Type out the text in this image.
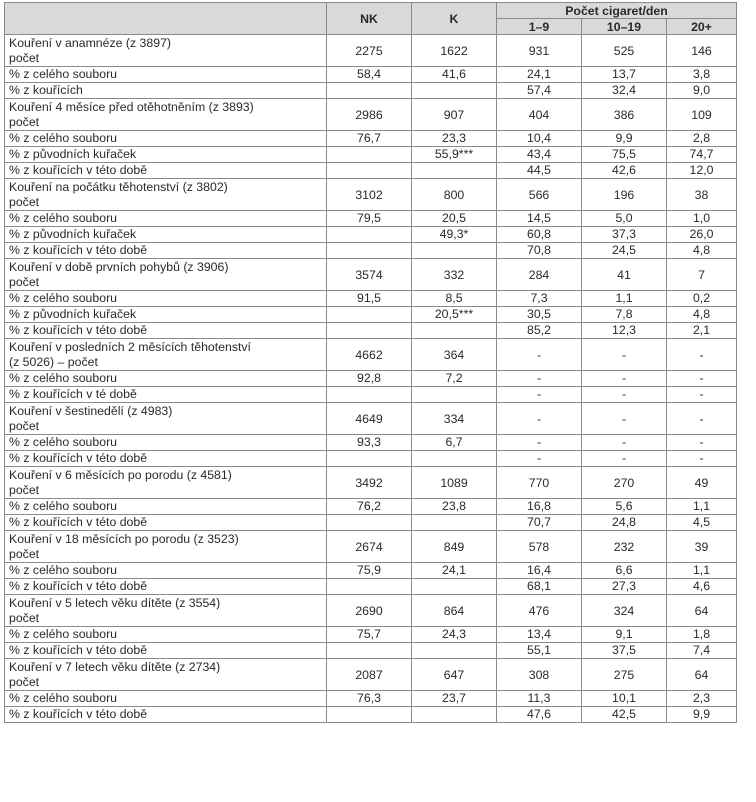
	NK	K	Počet cigaret/den		
			1–9	10–19	20+
Kouření v anamnéze (z 3897)
počet	2275	1622	931	525	146
% z celého souboru	58,4	41,6	24,1	13,7	3,8
% z kouřících			57,4	32,4	9,0
Kouření 4 měsíce před otěhotněním (z 3893)
počet	2986	907	404	386	109
% z celého souboru	76,7	23,3	10,4	9,9	2,8
% z původních kuřaček		55,9***	43,4	75,5	74,7
% z kouřících v této době			44,5	42,6	12,0
Kouření na počátku těhotenství (z 3802)
počet	3102	800	566	196	38
% z celého souboru	79,5	20,5	14,5	5,0	1,0
% z původních kuřaček		49,3*	60,8	37,3	26,0
% z kouřících v této době			70,8	24,5	4,8
Kouření v době prvních pohybů (z 3906)
počet	3574	332	284	41	7
% z celého souboru	91,5	8,5	7,3	1,1	0,2
% z původních kuřaček		20,5***	30,5	7,8	4,8
% z kouřících v této době			85,2	12,3	2,1
Kouření v posledních 2 měsících těhotenství
(z 5026) – počet	4662	364	-	-	-
% z celého souboru	92,8	7,2	-	-	-
% z kouřících v té době			-	-	-
Kouření v šestinedělí (z 4983)
počet	4649	334	-	-	-
% z celého souboru	93,3	6,7	-	-	-
% z kouřících v této době			-	-	-
Kouření v 6 měsících po porodu (z 4581)
počet	3492	1089	770	270	49
% z celého souboru	76,2	23,8	16,8	5,6	1,1
% z kouřících v této době			70,7	24,8	4,5
Kouření v 18 měsících po porodu (z 3523)
počet	2674	849	578	232	39
% z celého souboru	75,9	24,1	16,4	6,6	1,1
% z kouřících v této době			68,1	27,3	4,6
Kouření v 5 letech věku dítěte (z 3554)
počet	2690	864	476	324	64
% z celého souboru	75,7	24,3	13,4	9,1	1,8
% z kouřících v této době			55,1	37,5	7,4
Kouření v 7 letech věku dítěte (z 2734)
počet	2087	647	308	275	64
% z celého souboru	76,3	23,7	11,3	10,1	2,3
% z kouřících v této době			47,6	42,5	9,9
